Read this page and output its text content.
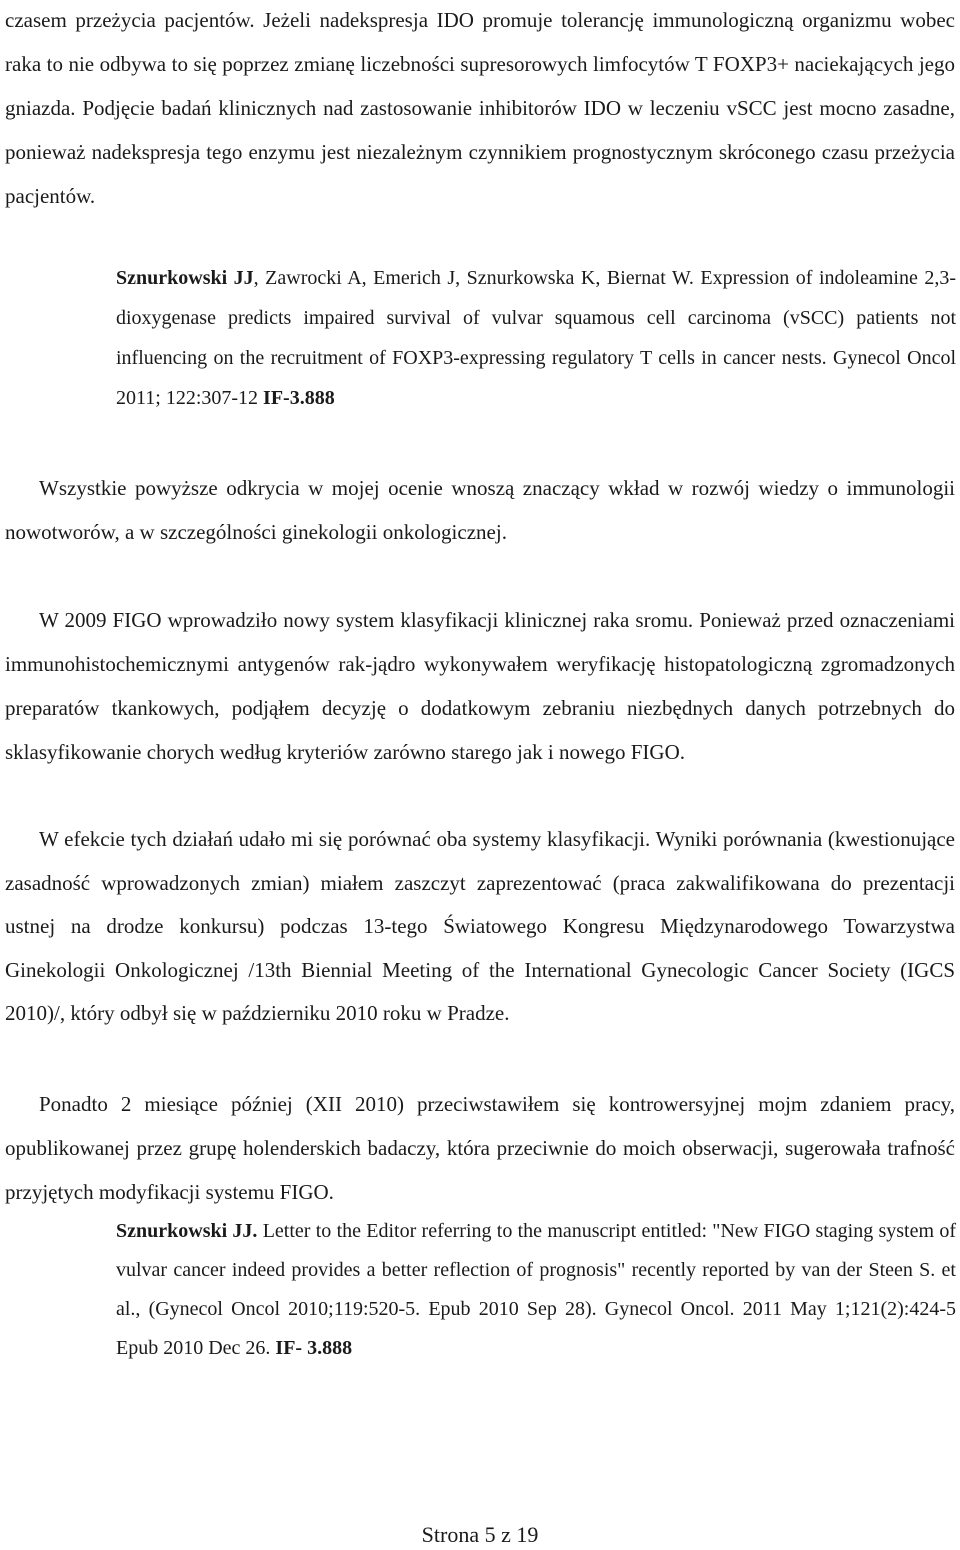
czasem przeżycia pacjentów. Jeżeli nadekspresja IDO promuje tolerancję immunologiczną organizmu wobec raka to nie odbywa to się poprzez zmianę liczebności supresorowych limfocytów T FOXP3+ naciekających jego gniazda. Podjęcie badań klinicznych nad zastosowanie inhibitorów IDO w leczeniu vSCC jest mocno zasadne, ponieważ nadekspresja tego enzymu jest niezależnym czynnikiem prognostycznym skróconego czasu przeżycia pacjentów.

Sznurkowski JJ, Zawrocki A, Emerich J, Sznurkowska K, Biernat W. Expression of indoleamine 2,3-dioxygenase predicts impaired survival of vulvar squamous cell carcinoma (vSCC) patients not influencing on the recruitment of FOXP3-expressing regulatory T cells in cancer nests. Gynecol Oncol 2011; 122:307-12 IF-3.888

Wszystkie powyższe odkrycia w mojej ocenie wnoszą znaczący wkład w rozwój wiedzy o immunologii nowotworów, a w szczególności ginekologii onkologicznej.

W 2009 FIGO wprowadziło nowy system klasyfikacji klinicznej raka sromu. Ponieważ przed oznaczeniami immunohistochemicznymi antygenów rak-jądro wykonywałem weryfikację histopatologiczną zgromadzonych preparatów tkankowych, podjąłem decyzję o dodatkowym zebraniu niezbędnych danych potrzebnych do sklasyfikowanie chorych według kryteriów zarówno starego jak i nowego FIGO.

W efekcie tych działań udało mi się porównać oba systemy klasyfikacji. Wyniki porównania (kwestionujące zasadność wprowadzonych zmian) miałem zaszczyt zaprezentować (praca zakwalifikowana do prezentacji ustnej na drodze konkursu) podczas 13-tego Światowego Kongresu Międzynarodowego Towarzystwa Ginekologii Onkologicznej /13th Biennial Meeting of the International Gynecologic Cancer Society (IGCS 2010)/, który odbył się w październiku 2010 roku w Pradze.

Ponadto 2 miesiące później (XII 2010) przeciwstawiłem się kontrowersyjnej mojm zdaniem pracy, opublikowanej przez grupę holenderskich badaczy, która przeciwnie do moich obserwacji, sugerowała trafność przyjętych modyfikacji systemu FIGO.

Sznurkowski JJ. Letter to the Editor referring to the manuscript entitled: "New FIGO staging system of vulvar cancer indeed provides a better reflection of prognosis" recently reported by van der Steen S. et al., (Gynecol Oncol 2010;119:520-5. Epub 2010 Sep 28). Gynecol Oncol. 2011 May 1;121(2):424-5 Epub 2010 Dec 26. IF- 3.888

Strona 5 z 19
